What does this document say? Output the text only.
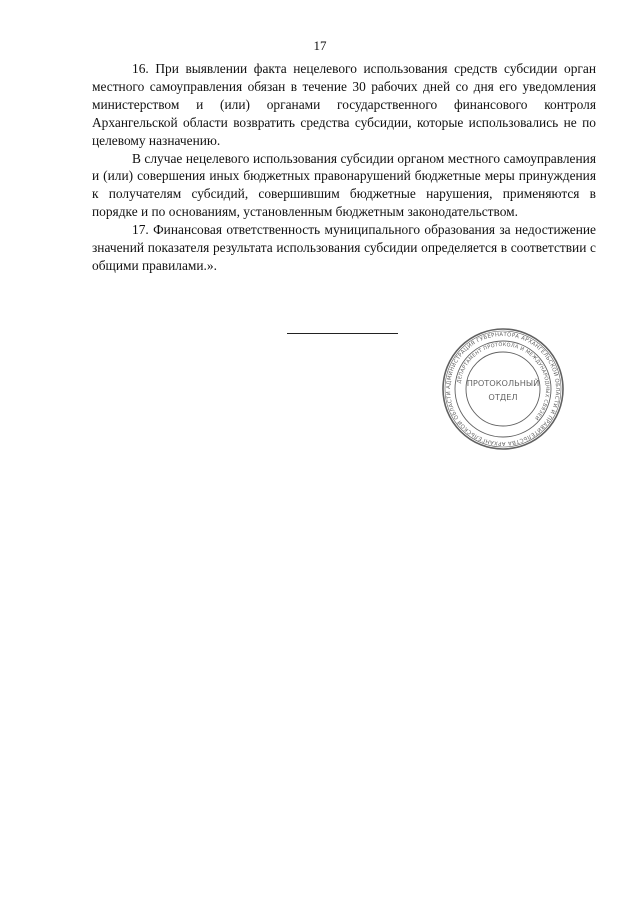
17

16. При выявлении факта нецелевого использования средств субсидии орган местного самоуправления обязан в течение 30 рабочих дней со дня его уведомления министерством и (или) органами государственного финансового контроля Архангельской области возвратить средства субсидии, которые использовались не по целевому назначению.

В случае нецелевого использования субсидии органом местного самоуправления и (или) совершения иных бюджетных правонарушений бюджетные меры принуждения к получателям субсидий, совершившим бюджетные нарушения, применяются в порядке и по основаниям, установленным бюджетным законодательством.

17. Финансовая ответственность муниципального образования за недостижение значений показателя результата использования субсидии определяется в соответствии с общими правилами.».

АДМИНИСТРАЦИЯ ГУБЕРНАТОРА АРХАНГЕЛЬСКОЙ ОБЛАСТИ И ПРАВИТЕЛЬСТВА АРХАНГЕЛЬСКОЙ ОБЛАСТИ
ДЕПАРТАМЕНТ ПРОТОКОЛА И МЕЖДУНАРОДНЫХ СВЯЗЕЙ
ПРОТОКОЛЬНЫЙ
ОТДЕЛ
